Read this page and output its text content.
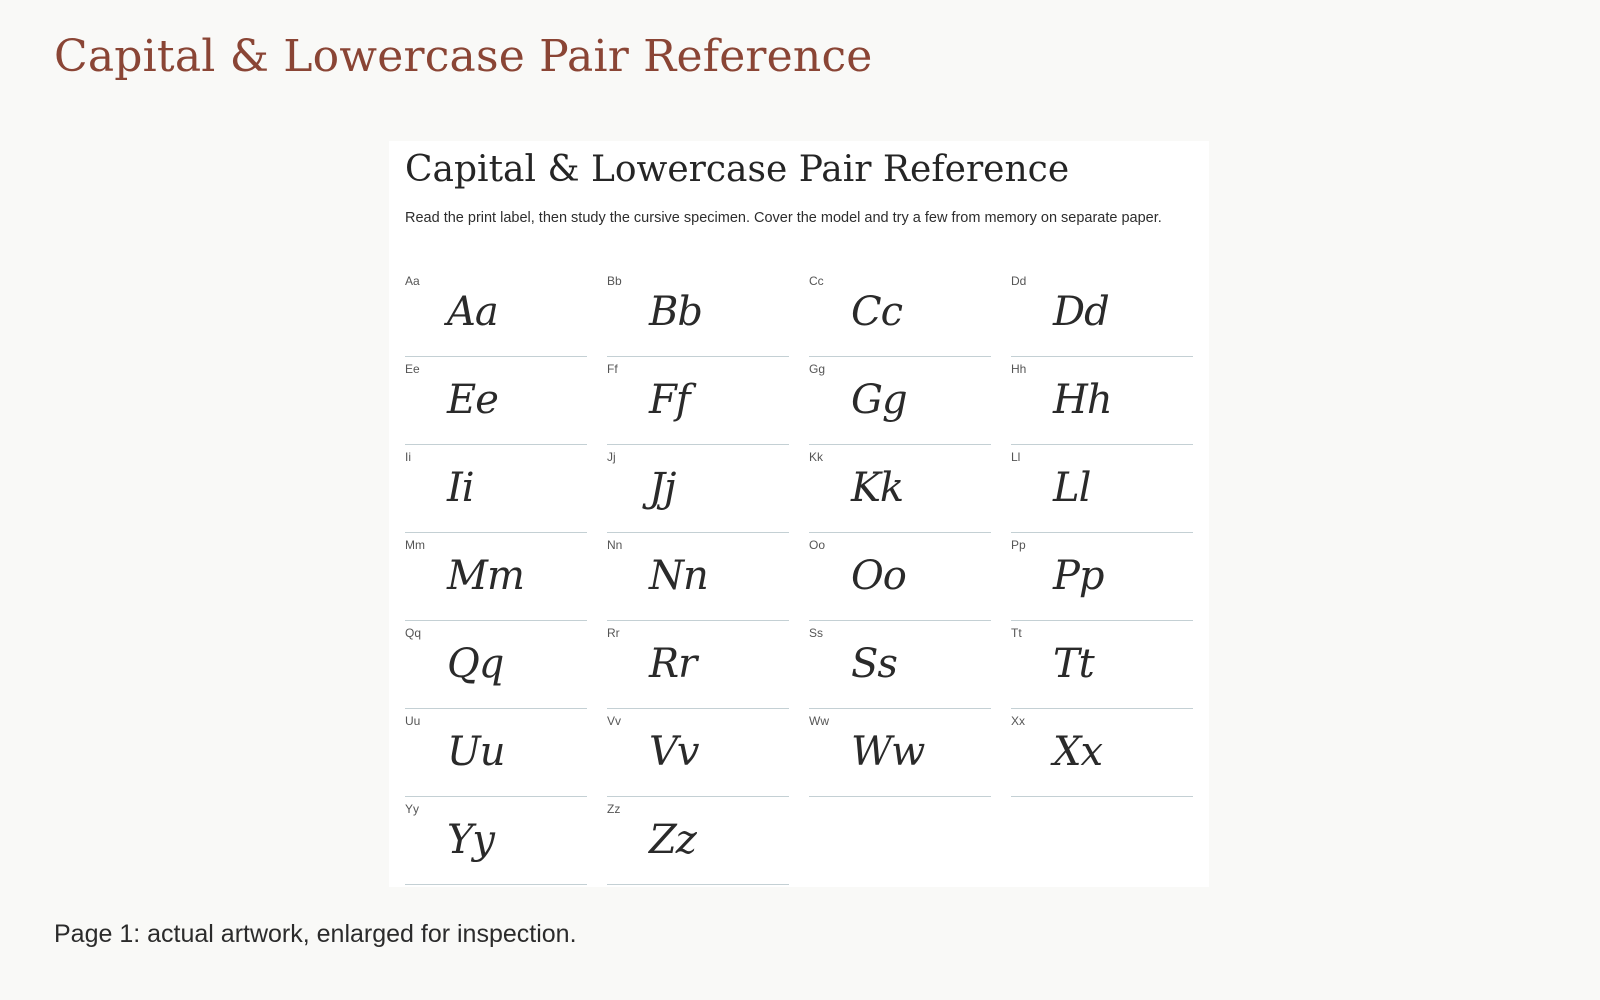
Capital & Lowercase Pair Reference
Capital & Lowercase Pair Reference

Read the print label, then study the cursive specimen. Cover the model and try a few from memory on separate paper.

Aa
Aa
Bb
Bb
Cc
Cc
Dd
Dd
Ee
Ee
Ff
Ff
Gg
Gg
Hh
Hh
Ii
Ii
Jj
Jj
Kk
Kk
Ll
Ll
Mm
Mm
Nn
Nn
Oo
Oo
Pp
Pp
Qq
Qq
Rr
Rr
Ss
Ss
Tt
Tt
Uu
Uu
Vv
Vv
Ww
Ww
Xx
Xx
Yy
Yy
Zz
Zz

Page 1: actual artwork, enlarged for inspection.
